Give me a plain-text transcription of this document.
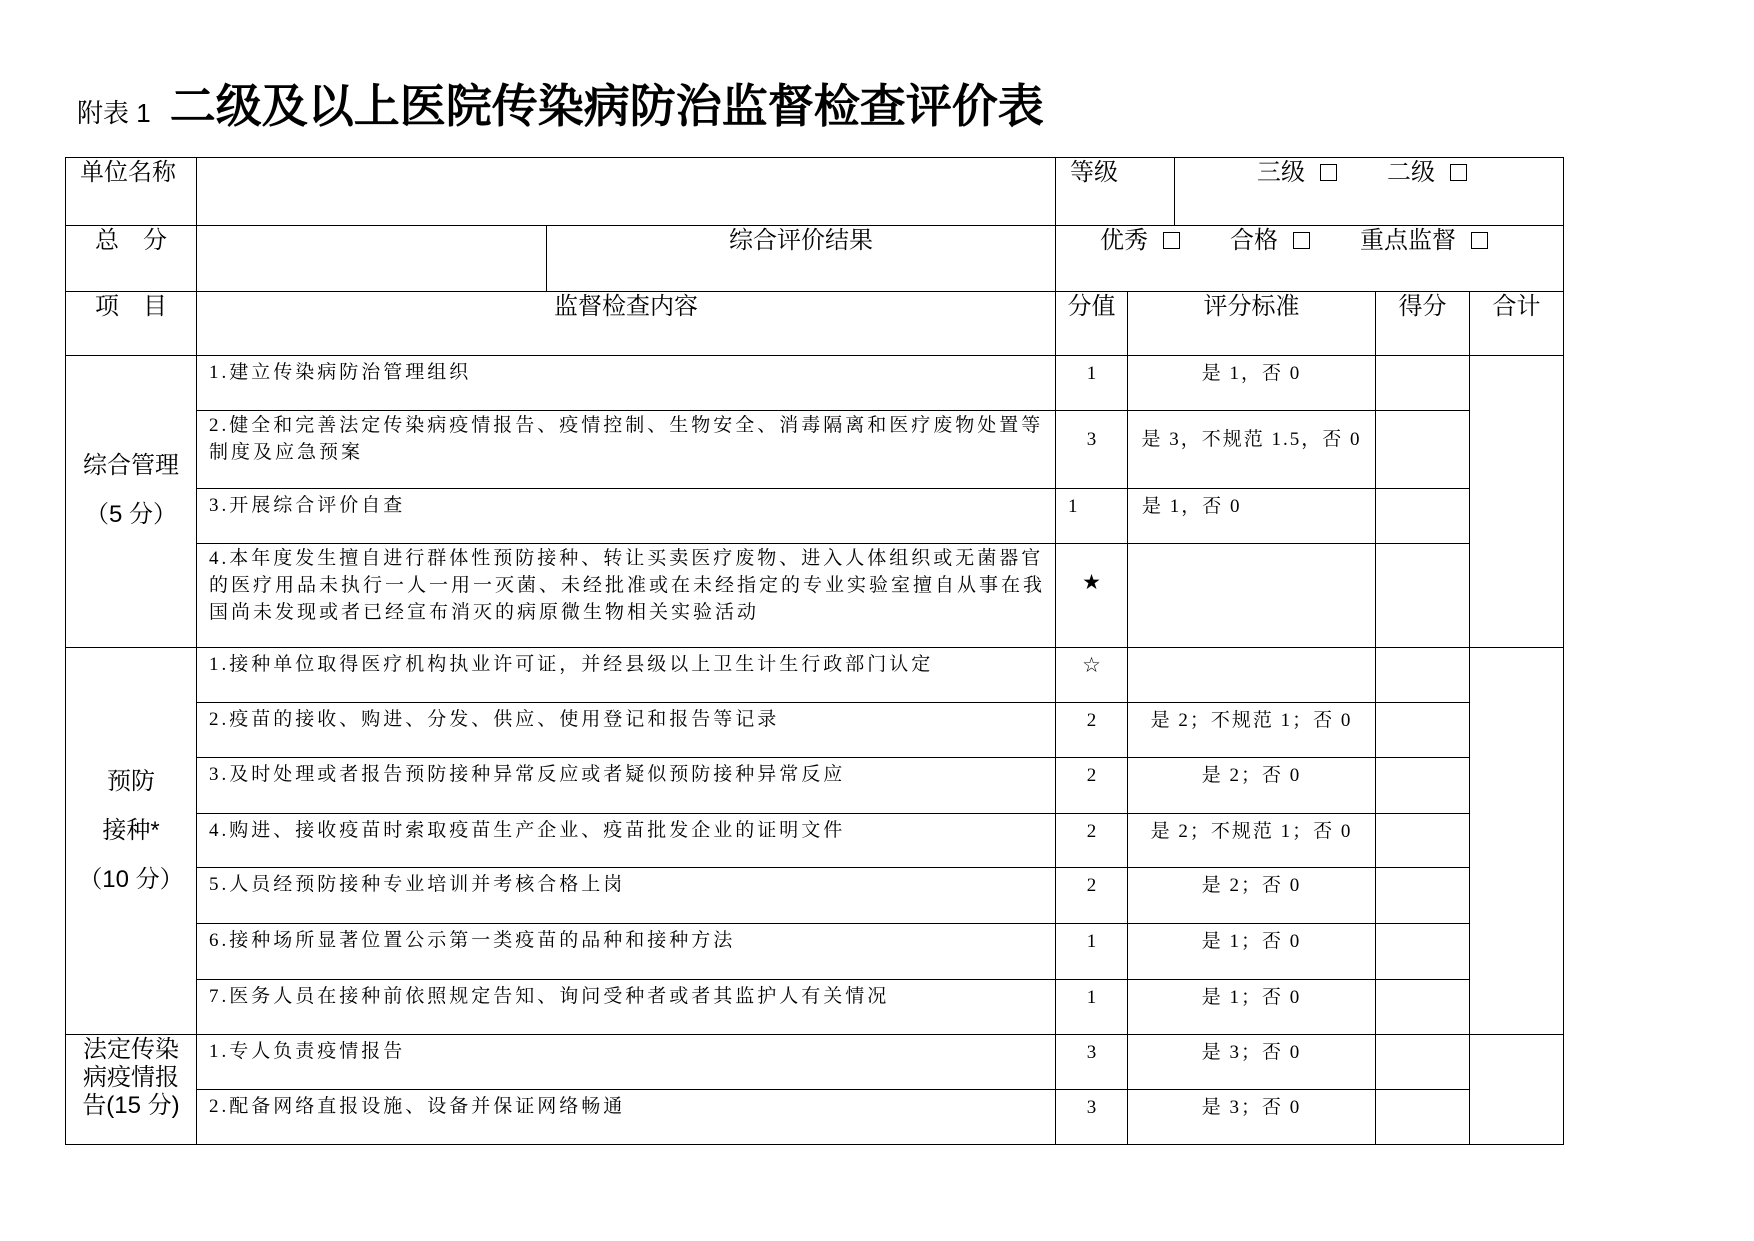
附表 1 二级及以上医院传染病防治监督检查评价表
单位名称			等级		三级 二级		
总　分		综合评价结果	优秀 合格 重点监督				
项　目	监督检查内容		分值	评分标准		得分	合计

综合管理
（5 分）	1.建立传染病防治管理组织		1	是 1，否 0			
	2.健全和完善法定传染病疫情报告、疫情控制、生物安全、消毒隔离和医疗废物处置等制度及应急预案		3	是 3，不规范 1.5，否 0			
	3.开展综合评价自查		1	是 1，否 0			
	4.本年度发生擅自进行群体性预防接种、转让买卖医疗废物、进入人体组织或无菌器官的医疗用品未执行一人一用一灭菌、未经批准或在未经指定的专业实验室擅自从事在我国尚未发现或者已经宣布消灭的病原微生物相关实验活动		★				

预防
接种*
（10 分）	1.接种单位取得医疗机构执业许可证，并经县级以上卫生计生行政部门认定		☆				
	2.疫苗的接收、购进、分发、供应、使用登记和报告等记录		2	是 2；不规范 1；否 0			
	3.及时处理或者报告预防接种异常反应或者疑似预防接种异常反应		2	是 2；否 0			
	4.购进、接收疫苗时索取疫苗生产企业、疫苗批发企业的证明文件		2	是 2；不规范 1；否 0			
	5.人员经预防接种专业培训并考核合格上岗		2	是 2；否 0			
	6.接种场所显著位置公示第一类疫苗的品种和接种方法		1	是 1；否 0			
	7.医务人员在接种前依照规定告知、询问受种者或者其监护人有关情况		1	是 1；否 0			

法定传染
病疫情报
告(15 分)	1.专人负责疫情报告		3	是 3；否 0			
	2.配备网络直报设施、设备并保证网络畅通		3	是 3；否 0			
